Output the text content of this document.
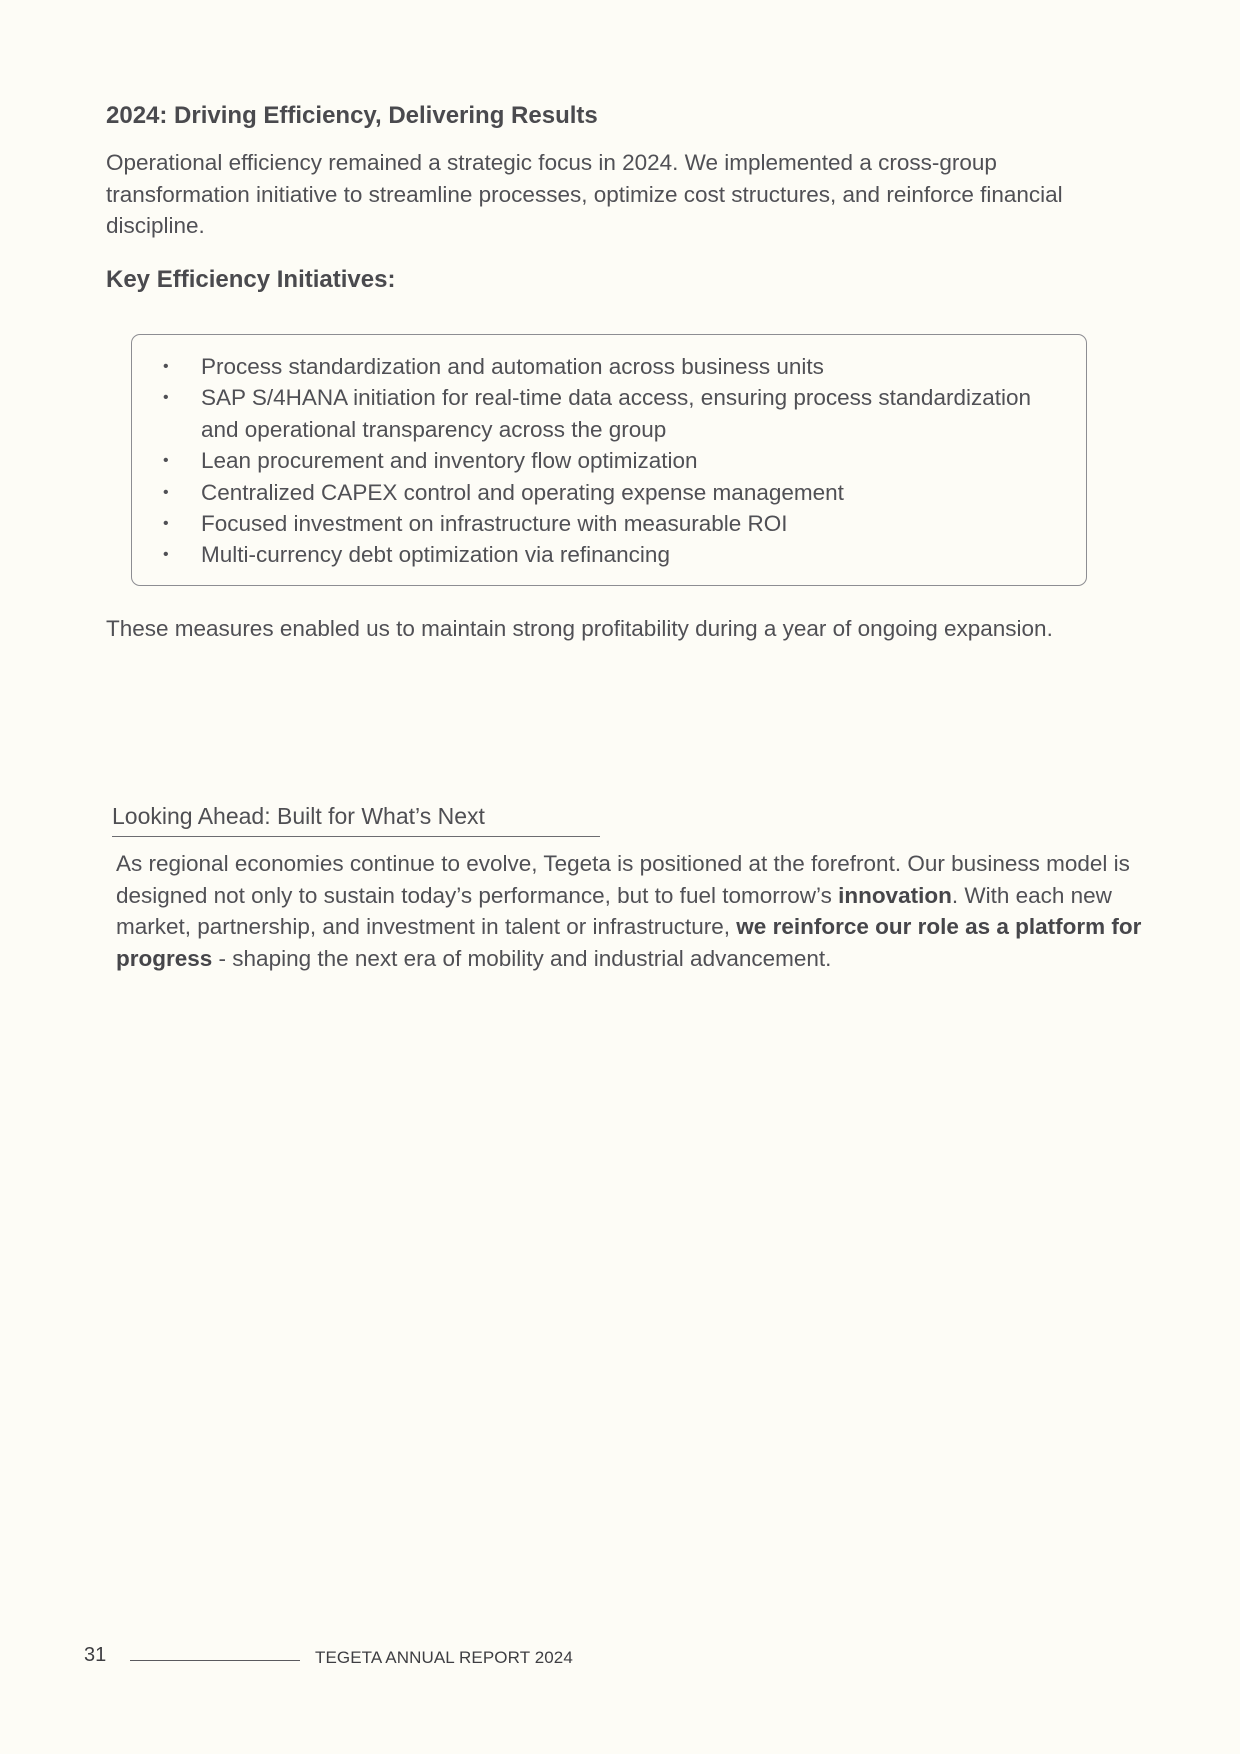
2024: Driving Efficiency, Delivering Results

Operational efficiency remained a strategic focus in 2024. We implemented a cross-group transformation initiative to streamline processes, optimize cost structures, and reinforce financial discipline.

Key Efficiency Initiatives:
• Process standardization and automation across business units
• SAP S/4HANA initiation for real-time data access, ensuring process standardization and operational transparency across the group
• Lean procurement and inventory flow optimization
• Centralized CAPEX control and operating expense management
• Focused investment on infrastructure with measurable ROI
• Multi-currency debt optimization via refinancing

These measures enabled us to maintain strong profitability during a year of ongoing expansion.

Looking Ahead: Built for What’s Next

As regional economies continue to evolve, Tegeta is positioned at the forefront. Our business model is designed not only to sustain today’s performance, but to fuel tomorrow’s innovation. With each new market, partnership, and investment in talent or infrastructure, we reinforce our role as a platform for progress - shaping the next era of mobility and industrial advancement.

31	TEGETA ANNUAL REPORT 2024
